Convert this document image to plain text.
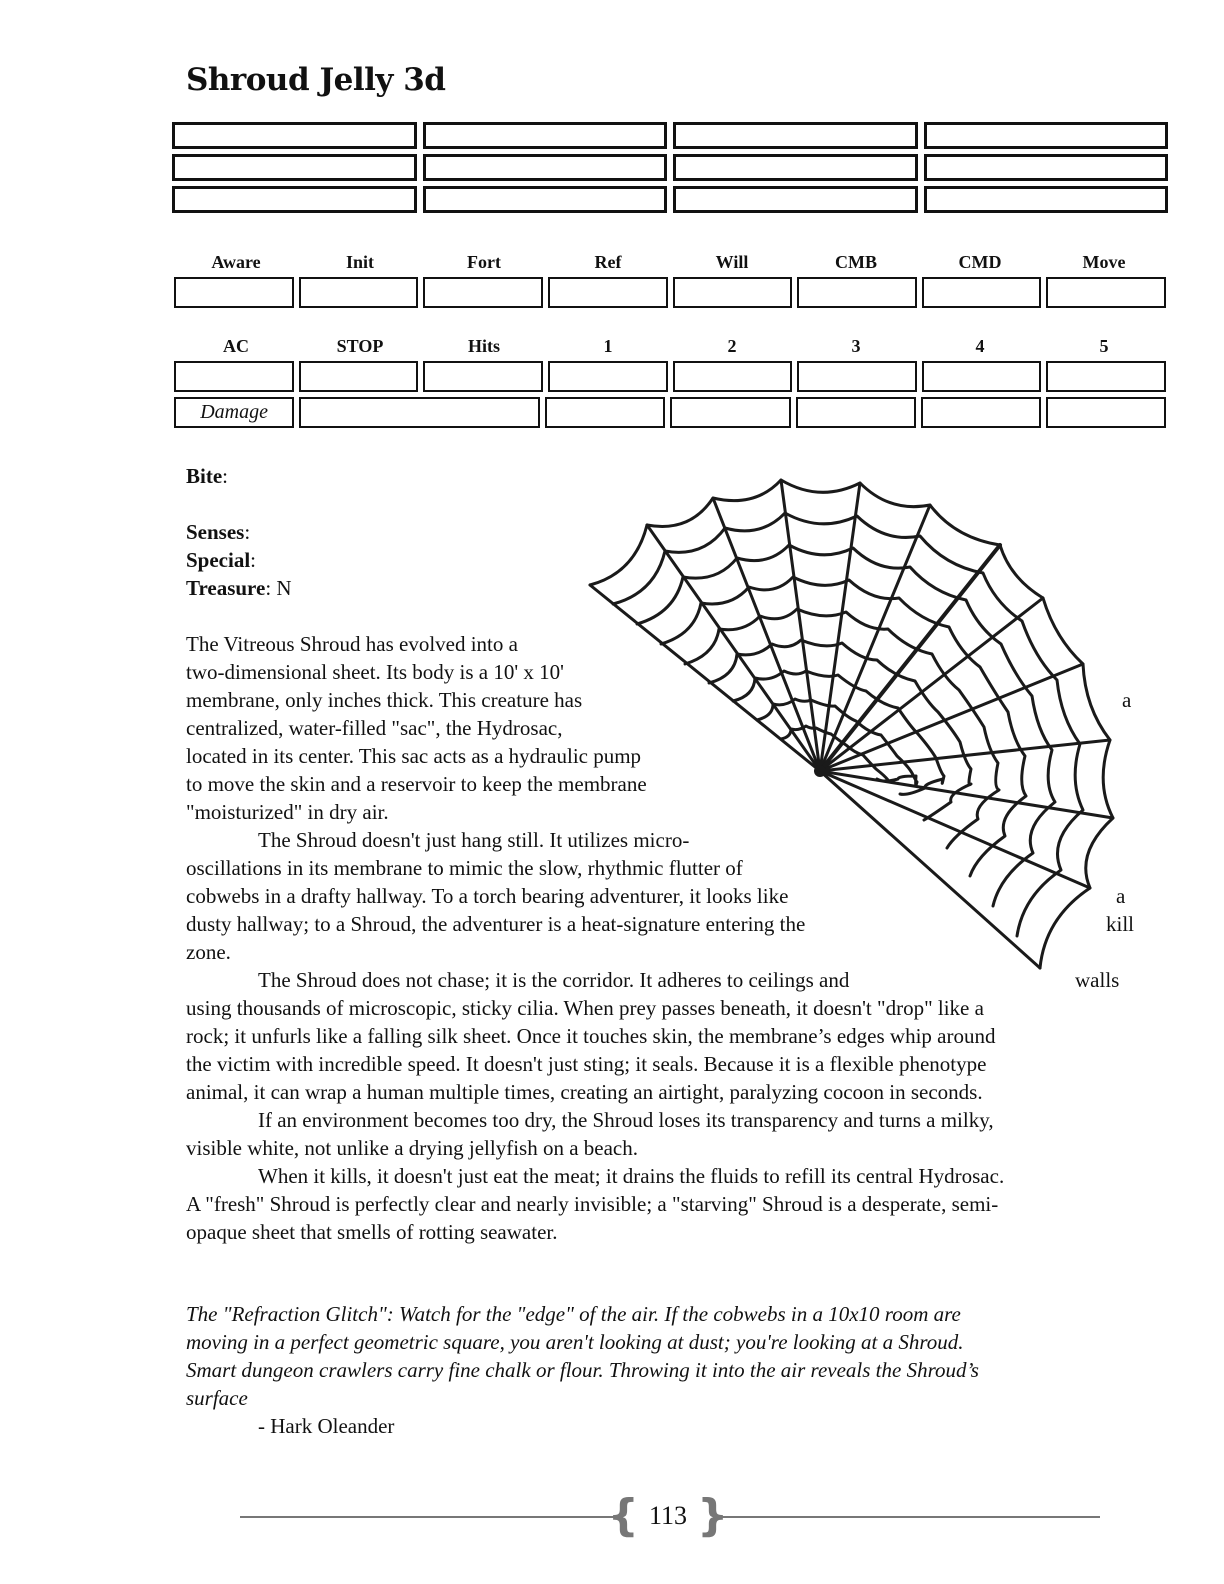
Shroud Jelly 3d
Aware	Init	Fort	Ref	Will	CMB	CMD	Move
AC	STOP	Hits	1	2	3	4	5
Damage
Bite:
Senses:
Special:
Treasure: N
The Vitreous Shroud has evolved into a
two-dimensional sheet. Its body is a 10' x 10'
membrane, only inches thick. This creature has	a
centralized, water-filled "sac", the Hydrosac,
located in its center. This sac acts as a hydraulic pump
to move the skin and a reservoir to keep the membrane
"moisturized" in dry air.
The Shroud doesn't just hang still. It utilizes micro-
oscillations in its membrane to mimic the slow, rhythmic flutter of
cobwebs in a drafty hallway. To a torch bearing adventurer, it looks like	a
dusty hallway; to a Shroud, the adventurer is a heat-signature entering the	kill
zone.
The Shroud does not chase; it is the corridor. It adheres to ceilings and	walls
using thousands of microscopic, sticky cilia. When prey passes beneath, it doesn't "drop" like a
rock; it unfurls like a falling silk sheet. Once it touches skin, the membrane’s edges whip around
the victim with incredible speed. It doesn't just sting; it seals. Because it is a flexible phenotype
animal, it can wrap a human multiple times, creating an airtight, paralyzing cocoon in seconds.
If an environment becomes too dry, the Shroud loses its transparency and turns a milky,
visible white, not unlike a drying jellyfish on a beach.
When it kills, it doesn't just eat the meat; it drains the fluids to refill its central Hydrosac.
A "fresh" Shroud is perfectly clear and nearly invisible; a "starving" Shroud is a desperate, semi-
opaque sheet that smells of rotting seawater.
The "Refraction Glitch": Watch for the "edge" of the air. If the cobwebs in a 10x10 room are
moving in a perfect geometric square, you aren't looking at dust; you're looking at a Shroud.
Smart dungeon crawlers carry fine chalk or flour. Throwing it into the air reveals the Shroud’s
surface
- Hark Oleander
{ 113 }
